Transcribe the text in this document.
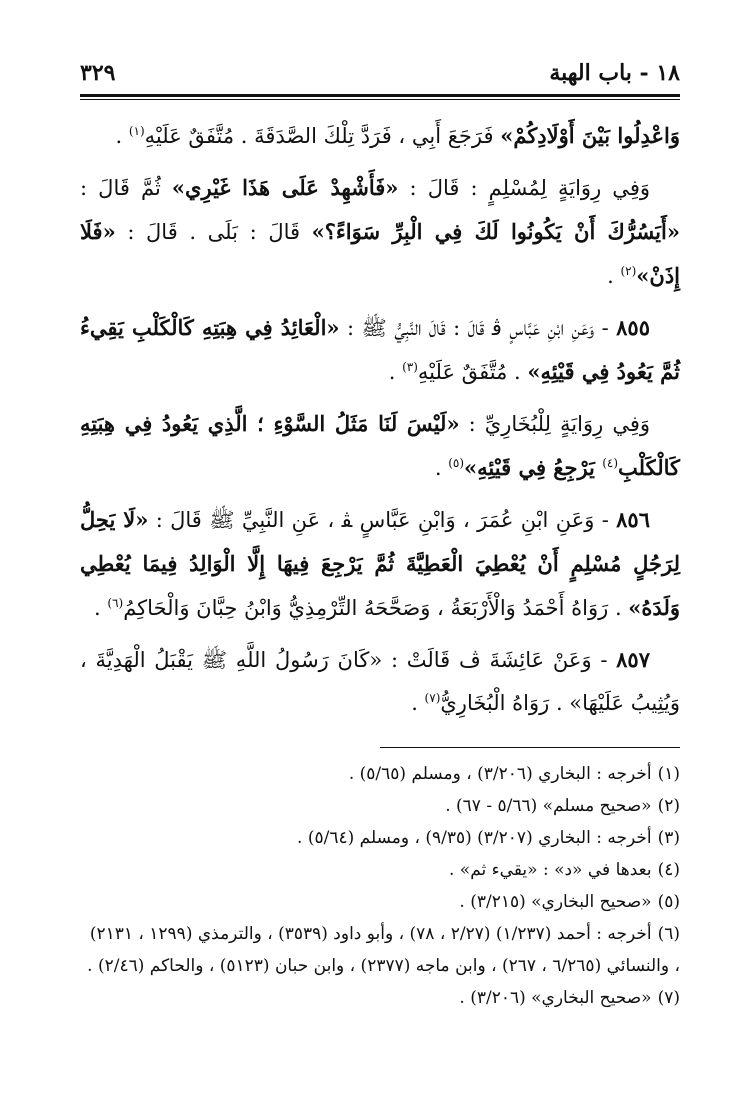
١٨ - باب الهبة
٣٢٩

وَاعْدِلُوا بَيْنَ أَوْلَادِكُمْ» فَرَجَعَ أَبِي ، فَرَدَّ تِلْكَ الصَّدَقَةَ . مُتَّفَقٌ عَلَيْهِ$^{(١)}$ .

وَفِي رِوَايَةٍ لِمُسْلِمٍ : قَالَ : «فَأَشْهِدْ عَلَى هَذَا غَيْرِي» ثُمَّ قَالَ : «أَيَسُرُّكَ أَنْ يَكُونُوا لَكَ فِي الْبِرِّ سَوَاءً؟» قَالَ : بَلَى . قَالَ : «فَلَا إِذَنْ»$^{(٢)}$ .

٨٥٥ - وَعَنِ ابْنِ عَبَّاسٍ ﭬ قَالَ : قَالَ النَّبِيُّ ﷺ : «الْعَائِدُ فِي هِبَتِهِ كَالْكَلْبِ يَقِيءُ ثُمَّ يَعُودُ فِي قَيْئِهِ» . مُتَّفَقٌ عَلَيْهِ$^{(٣)}$ .

وَفِي رِوَايَةٍ لِلْبُخَارِيِّ : «لَيْسَ لَنَا مَثَلُ السَّوْءِ ؛ الَّذِي يَعُودُ فِي هِبَتِهِ كَالْكَلْبِ$^{(٤)}$ يَرْجِعُ فِي قَيْئِهِ»$^{(٥)}$ .

٨٥٦ - وَعَنِ ابْنِ عُمَرَ ، وَابْنِ عَبَّاسٍ ﭭ ، عَنِ النَّبِيِّ ﷺ قَالَ : «لَا يَحِلُّ لِرَجُلٍ مُسْلِمٍ أَنْ يُعْطِيَ الْعَطِيَّةَ ثُمَّ يَرْجِعَ فِيهَا إِلَّا الْوَالِدُ فِيمَا يُعْطِي وَلَدَهُ» . رَوَاهُ أَحْمَدُ وَالْأَرْبَعَةُ ، وَصَحَّحَهُ التِّرْمِذِيُّ وَابْنُ حِبَّانَ وَالْحَاكِمُ$^{(٦)}$ .

٨٥٧ - وَعَنْ عَائِشَةَ ﭪ قَالَتْ : «كَانَ رَسُولُ اللَّهِ ﷺ يَقْبَلُ الْهَدِيَّةَ ، وَيُثِيبُ عَلَيْهَا» . رَوَاهُ الْبُخَارِيُّ$^{(٧)}$ .

(١)أخرجه : البخاري (٣/٢٠٦) ، ومسلم (٥/٦٥) .

(٢)«صحيح مسلم» (٥/٦٦ - ٦٧) .

(٣)أخرجه : البخاري (٣/٢٠٧) (٩/٣٥) ، ومسلم (٥/٦٤) .

(٤)بعدها في «د» : «يقيء ثم» .

(٥)«صحيح البخاري» (٣/٢١٥) .

(٦)أخرجه : أحمد (١/٢٣٧) (٢/٢٧ ، ٧٨) ، وأبو داود (٣٥٣٩) ، والترمذي (١٢٩٩ ، ٢١٣١) ، والنسائي (٦/٢٦٥ ، ٢٦٧) ، وابن ماجه (٢٣٧٧) ، وابن حبان (٥١٢٣) ، والحاكم (٢/٤٦) .

(٧)«صحيح البخاري» (٣/٢٠٦) .
